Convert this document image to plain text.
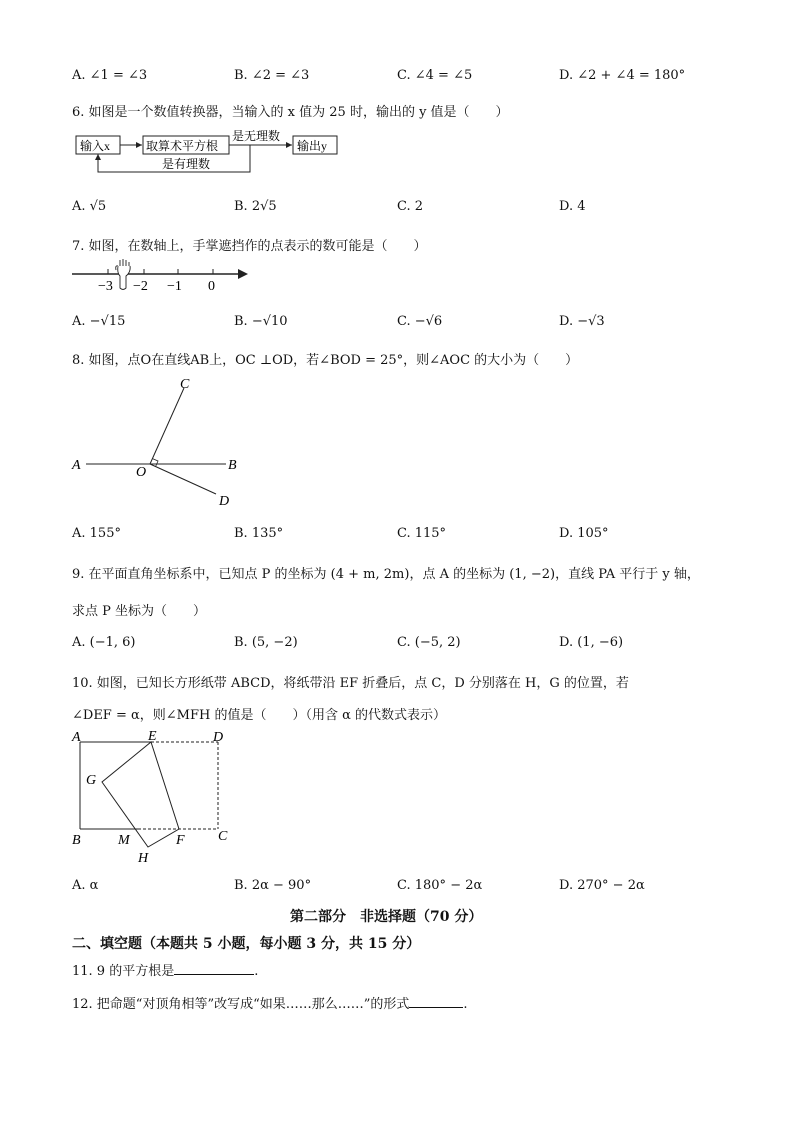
A. ∠1 = ∠3	B. ∠2 = ∠3	C. ∠4 = ∠5	D. ∠2 + ∠4 = 180°
6. 如图是一个数值转换器，当输入的 x 值为 25 时，输出的 y 值是（　　）
输入x	取算术平方根
是无理数
输出y
是有理数
A. √5	B. 2√5	C. 2	D. 4
7. 如图，在数轴上，手掌遮挡作的点表示的数可能是（　　）
−3 −2 −1 0
A. −√15	B. −√10	C. −√6	D. −√3
8. 如图，点O在直线AB上，OC ⊥OD，若∠BOD = 25°，则∠AOC 的大小为（　　）
A	B
C
D
O
A. 155°	B. 135°	C. 115°	D. 105°
9. 在平面直角坐标系中，已知点 P 的坐标为 (4 + m, 2m)，点 A 的坐标为 (1, −2)，直线 PA 平行于 y 轴，
求点 P 坐标为（　　）
A. (−1, 6)	B. (5, −2)	C. (−5, 2)	D. (1, −6)
10. 如图，已知长方形纸带 ABCD，将纸带沿 EF 折叠后，点 C，D 分别落在 H，G 的位置，若
∠DEF = α，则∠MFH 的值是（　　）（用含 α 的代数式表示）
A	E	D
G
B	M	F C
H
A. α	B. 2α − 90°	C. 180° − 2α	D. 270° − 2α
第二部分　非选择题（70 分）
二、填空题（本题共 5 小题，每小题 3 分，共 15 分）
11. 9 的平方根是	.
12. 把命题“对顶角相等”改写成“如果……那么……”的形式	.
